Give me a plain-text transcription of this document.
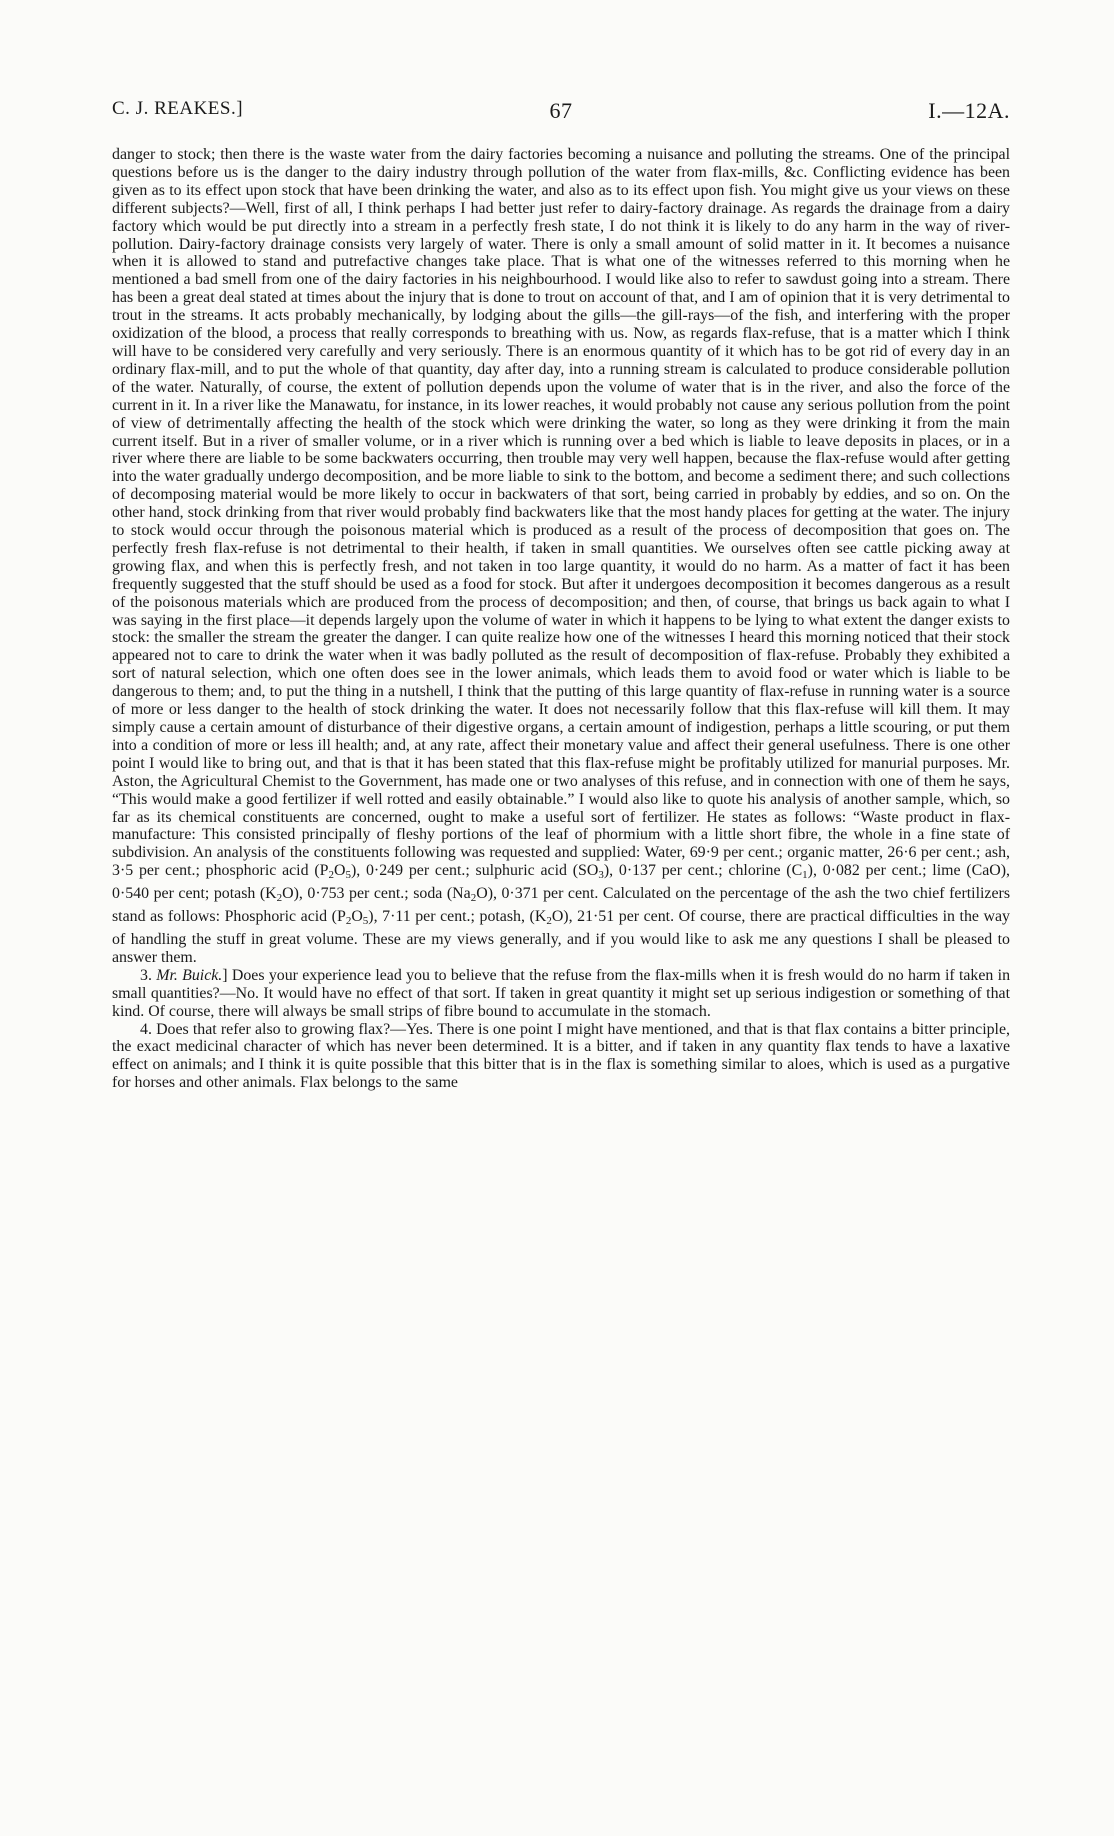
C. J. REAKES.]	67	I.—12A.

danger to stock; then there is the waste water from the dairy factories becoming a nuisance and polluting the streams. One of the principal questions before us is the danger to the dairy industry through pollution of the water from flax-mills, &c. Conflicting evidence has been given as to its effect upon stock that have been drinking the water, and also as to its effect upon fish. You might give us your views on these different subjects?—Well, first of all, I think perhaps I had better just refer to dairy-factory drainage. As regards the drainage from a dairy factory which would be put directly into a stream in a perfectly fresh state, I do not think it is likely to do any harm in the way of river-pollution. Dairy-factory drainage consists very largely of water. There is only a small amount of solid matter in it. It becomes a nuisance when it is allowed to stand and putrefactive changes take place. That is what one of the witnesses referred to this morning when he mentioned a bad smell from one of the dairy factories in his neighbourhood. I would like also to refer to sawdust going into a stream. There has been a great deal stated at times about the injury that is done to trout on account of that, and I am of opinion that it is very detrimental to trout in the streams. It acts probably mechanically, by lodging about the gills—the gill-rays—of the fish, and interfering with the proper oxidization of the blood, a process that really corresponds to breathing with us. Now, as regards flax-refuse, that is a matter which I think will have to be considered very carefully and very seriously. There is an enormous quantity of it which has to be got rid of every day in an ordinary flax-mill, and to put the whole of that quantity, day after day, into a running stream is calculated to produce considerable pollution of the water. Naturally, of course, the extent of pollution depends upon the volume of water that is in the river, and also the force of the current in it. In a river like the Manawatu, for instance, in its lower reaches, it would probably not cause any serious pollution from the point of view of detrimentally affecting the health of the stock which were drinking the water, so long as they were drinking it from the main current itself. But in a river of smaller volume, or in a river which is running over a bed which is liable to leave deposits in places, or in a river where there are liable to be some backwaters occurring, then trouble may very well happen, because the flax-refuse would after getting into the water gradually undergo decomposition, and be more liable to sink to the bottom, and become a sediment there; and such collections of decomposing material would be more likely to occur in backwaters of that sort, being carried in probably by eddies, and so on. On the other hand, stock drinking from that river would probably find backwaters like that the most handy places for getting at the water. The injury to stock would occur through the poisonous material which is produced as a result of the process of decomposition that goes on. The perfectly fresh flax-refuse is not detrimental to their health, if taken in small quantities. We ourselves often see cattle picking away at growing flax, and when this is perfectly fresh, and not taken in too large quantity, it would do no harm. As a matter of fact it has been frequently suggested that the stuff should be used as a food for stock. But after it undergoes decomposition it becomes dangerous as a result of the poisonous materials which are produced from the process of decomposition; and then, of course, that brings us back again to what I was saying in the first place—it depends largely upon the volume of water in which it happens to be lying to what extent the danger exists to stock: the smaller the stream the greater the danger. I can quite realize how one of the witnesses I heard this morning noticed that their stock appeared not to care to drink the water when it was badly polluted as the result of decomposition of flax-refuse. Probably they exhibited a sort of natural selection, which one often does see in the lower animals, which leads them to avoid food or water which is liable to be dangerous to them; and, to put the thing in a nutshell, I think that the putting of this large quantity of flax-refuse in running water is a source of more or less danger to the health of stock drinking the water. It does not necessarily follow that this flax-refuse will kill them. It may simply cause a certain amount of disturbance of their digestive organs, a certain amount of indigestion, perhaps a little scouring, or put them into a condition of more or less ill health; and, at any rate, affect their monetary value and affect their general usefulness. There is one other point I would like to bring out, and that is that it has been stated that this flax-refuse might be profitably utilized for manurial purposes. Mr. Aston, the Agricultural Chemist to the Government, has made one or two analyses of this refuse, and in connection with one of them he says, “This would make a good fertilizer if well rotted and easily obtainable.” I would also like to quote his analysis of another sample, which, so far as its chemical constituents are concerned, ought to make a useful sort of fertilizer. He states as follows: “Waste product in flax-manufacture: This consisted principally of fleshy portions of the leaf of phormium with a little short fibre, the whole in a fine state of subdivision. An analysis of the constituents following was requested and supplied: Water, 69·9 per cent.; organic matter, 26·6 per cent.; ash, 3·5 per cent.; phosphoric acid $(P_2O_5)$, 0·249 per cent.; sulphuric acid $(SO_3)$, 0·137 per cent.; chlorine $(C_1)$, 0·082 per cent.; lime (CaO), 0·540 per cent; potash $(K_2O)$, 0·753 per cent.; soda $(Na_2O)$, 0·371 per cent. Calculated on the percentage of the ash the two chief fertilizers stand as follows: Phosphoric acid $(P_2O_5)$, 7·11 per cent.; potash, $(K_2O)$, 21·51 per cent. Of course, there are practical difficulties in the way of handling the stuff in great volume. These are my views generally, and if you would like to ask me any questions I shall be pleased to answer them.

3. Mr. Buick.] Does your experience lead you to believe that the refuse from the flax-mills when it is fresh would do no harm if taken in small quantities?—No. It would have no effect of that sort. If taken in great quantity it might set up serious indigestion or something of that kind. Of course, there will always be small strips of fibre bound to accumulate in the stomach.

4. Does that refer also to growing flax?—Yes. There is one point I might have mentioned, and that is that flax contains a bitter principle, the exact medicinal character of which has never been determined. It is a bitter, and if taken in any quantity flax tends to have a laxative effect on animals; and I think it is quite possible that this bitter that is in the flax is something similar to aloes, which is used as a purgative for horses and other animals. Flax belongs to the same
